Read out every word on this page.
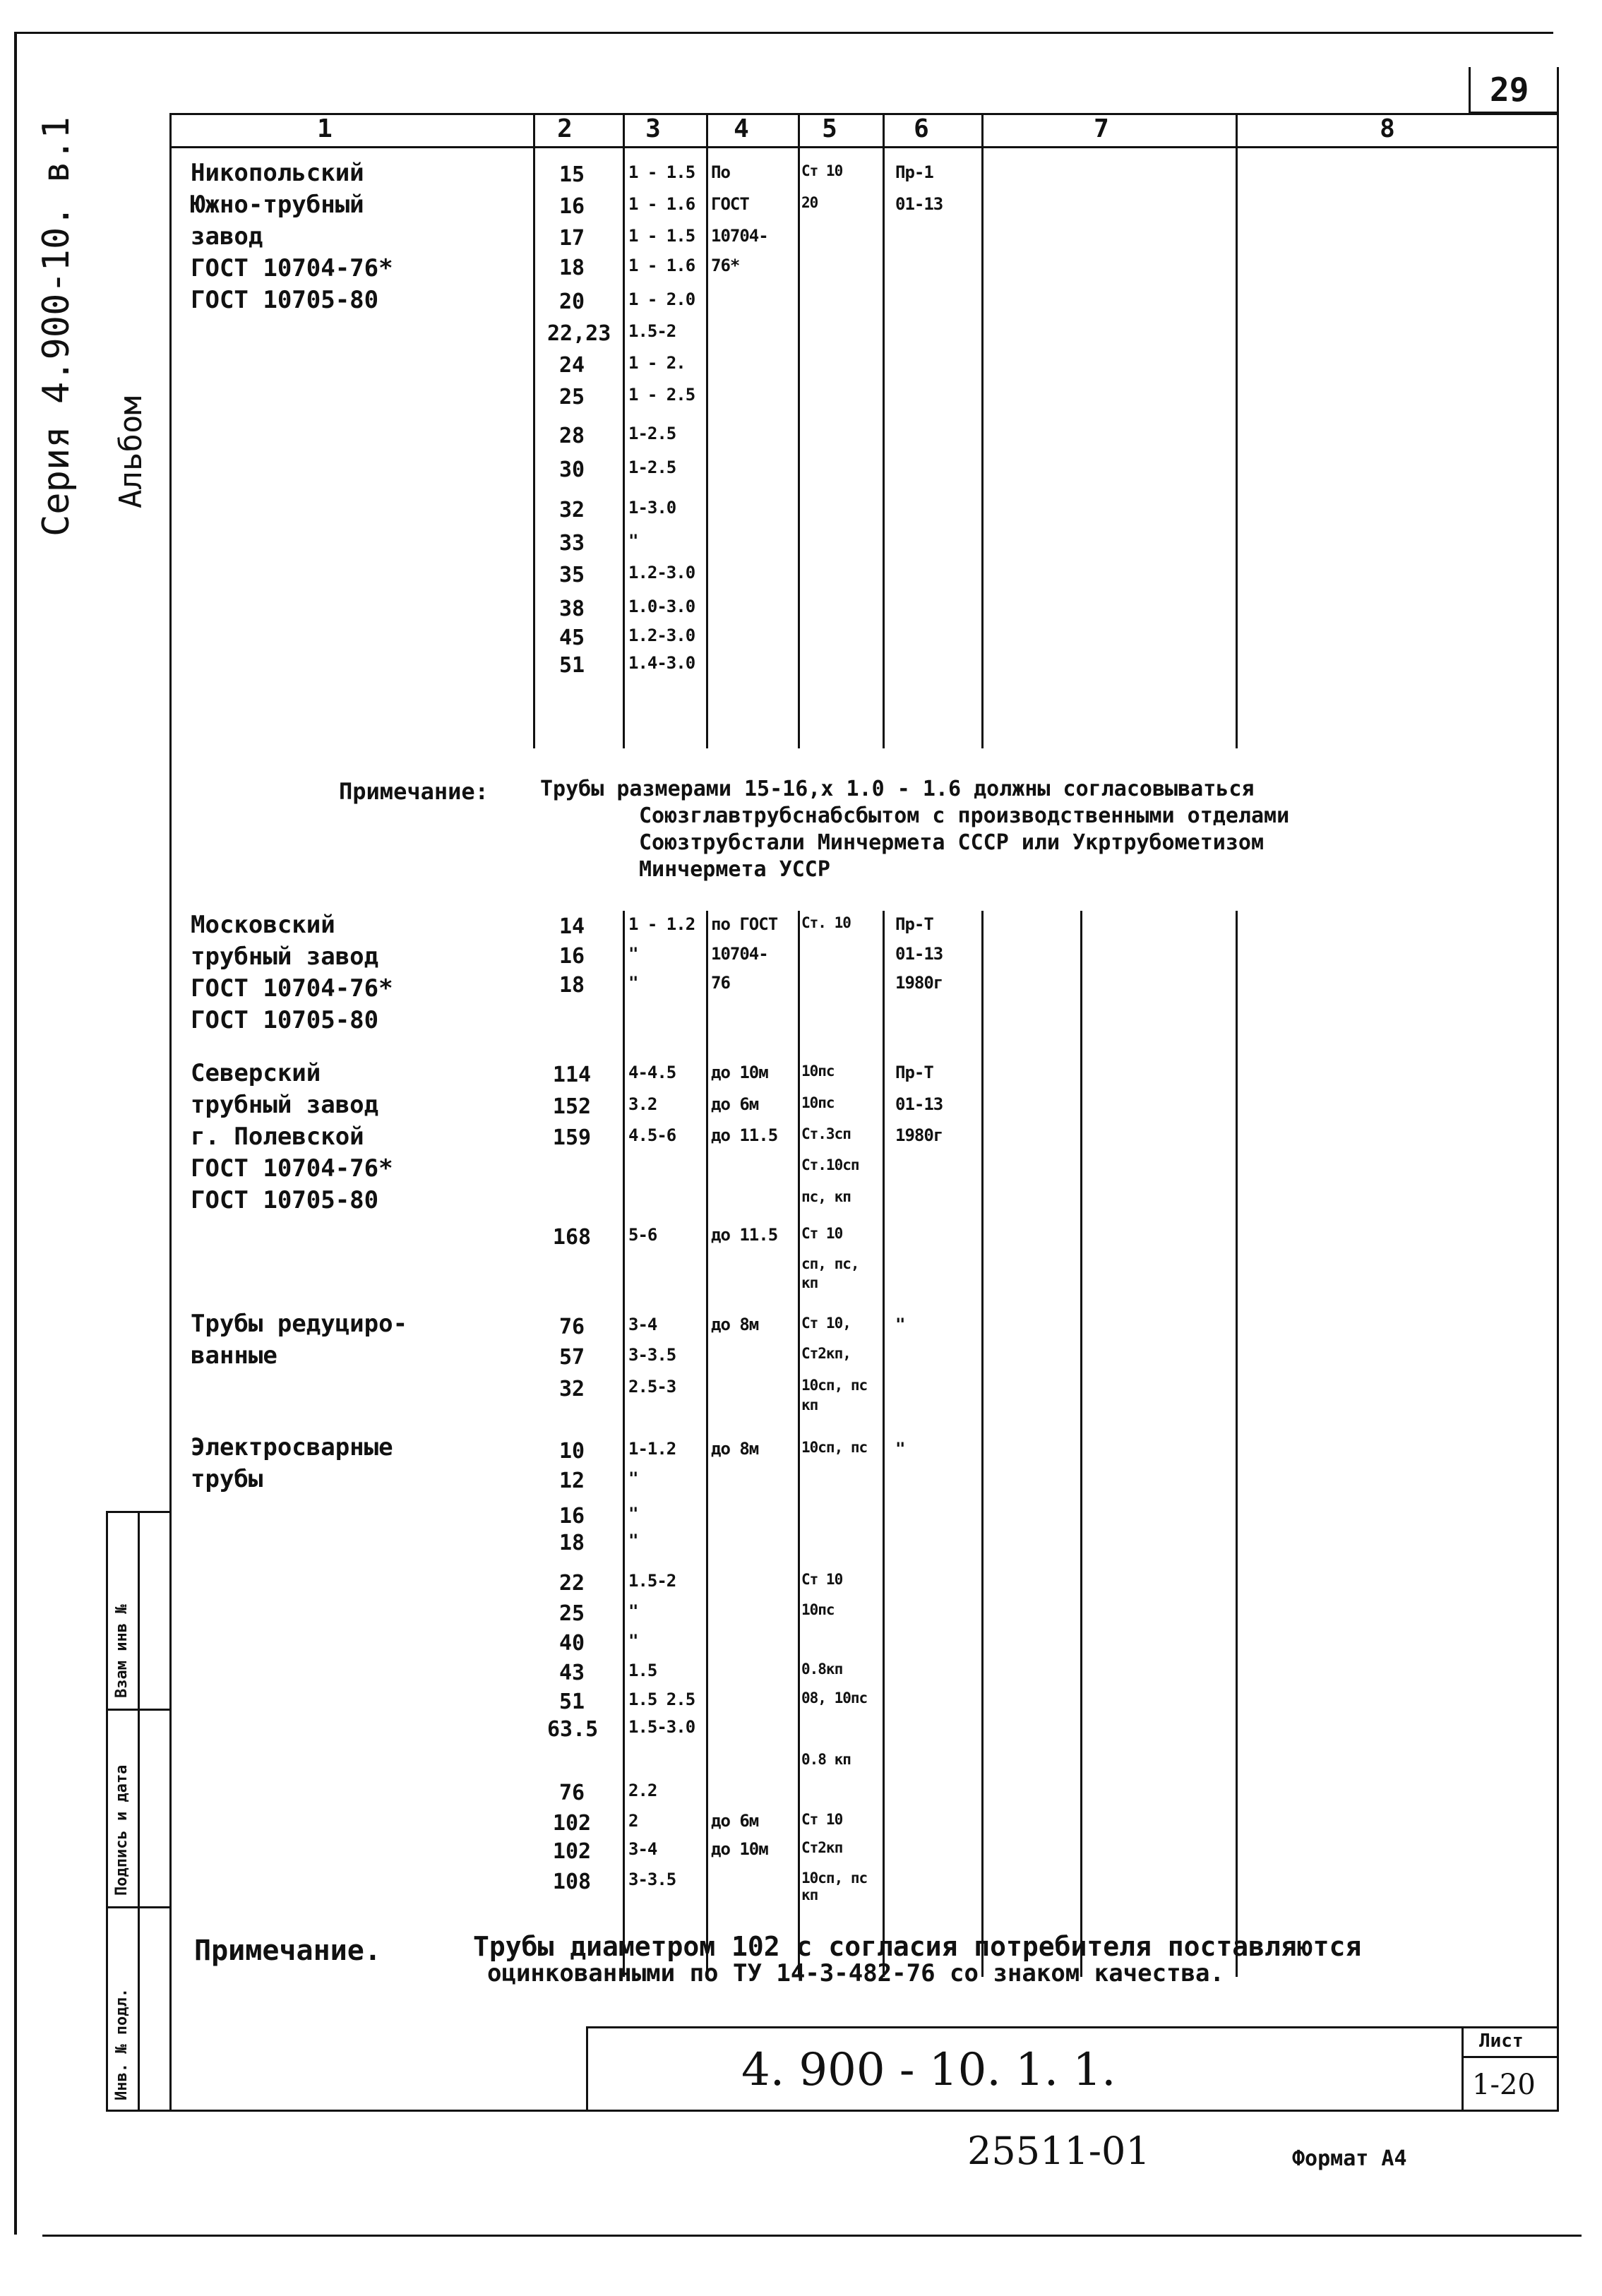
29
Серия 4.900-10. в.1 Альбом
Взам инв №
Подпись и дата
Инв. № подл.
1	2	3	4	5	6	7	8
Никопольский
Южно-трубный
завод
ГОСТ 10704-76*
ГОСТ 10705-80
15	1 - 1.5 По	Ст 10	Пр-1
16	1 - 1.6 ГОСТ	20	01-13
17	1 - 1.5 10704-
18	1 - 1.6 76*
20	1 - 2.0
22,23 1.5-2
24	1 - 2.
25	1 - 2.5
28	1-2.5
30	1-2.5
32	1-3.0
33	"
35	1.2-3.0
38	1.0-3.0
45	1.2-3.0
51	1.4-3.0
Московский
трубный завод
ГОСТ 10704-76*
ГОСТ 10705-80
14	1 - 1.2 по ГОСТ Ст. 10	Пр-Т
16	"	10704-	01-13
18	"	76	1980г
Северский
трубный завод
г. Полевской
ГОСТ 10704-76*
ГОСТ 10705-80
114	4-4.5 до 10м 10пс	Пр-Т
152	3.2	до 6м	10пс	01-13
159	4.5-6 до 11.5 Ст.3сп	1980г
Ст.10сп
пс, кп
168	5-6	до 11.5 Ст 10
сп, пс,
кп
Трубы редуциро-
ванные
76	3-4	до 8м	Ст 10,	"
57	3-3.5	Ст2кп,
32	2.5-3	10сп, пс
кп
Электросварные
трубы
10	1-1.2 до 8м	10сп, пс "
12	"
16	"
18	"
22	1.5-2	Ст 10
25	"	10пс
40	"
43	1.5	0.8кп
51	1.5 2.5	08, 10пс
63.5 1.5-3.0
0.8 кп
76	2.2
102	2	до 6м	Ст 10
102	3-4	до 10м Ст2кп
108	3-3.5	10сп, пс
кп
Примечание: Трубы размерами 15-16,х 1.0 - 1.6 должны согласовываться
Союзглавтрубснабсбытом с производственными отделами
Союзтрубстали Минчермета СССР или Укртрубометизом
Минчермета УССР
Примечание.	Трубы диаметром 102 с согласия потребителя поставляются
оцинкованными по ТУ 14-3-482-76 со знаком качества.
4. 900 - 10. 1. 1.
Лист
1-20
25511-01	Формат А4
